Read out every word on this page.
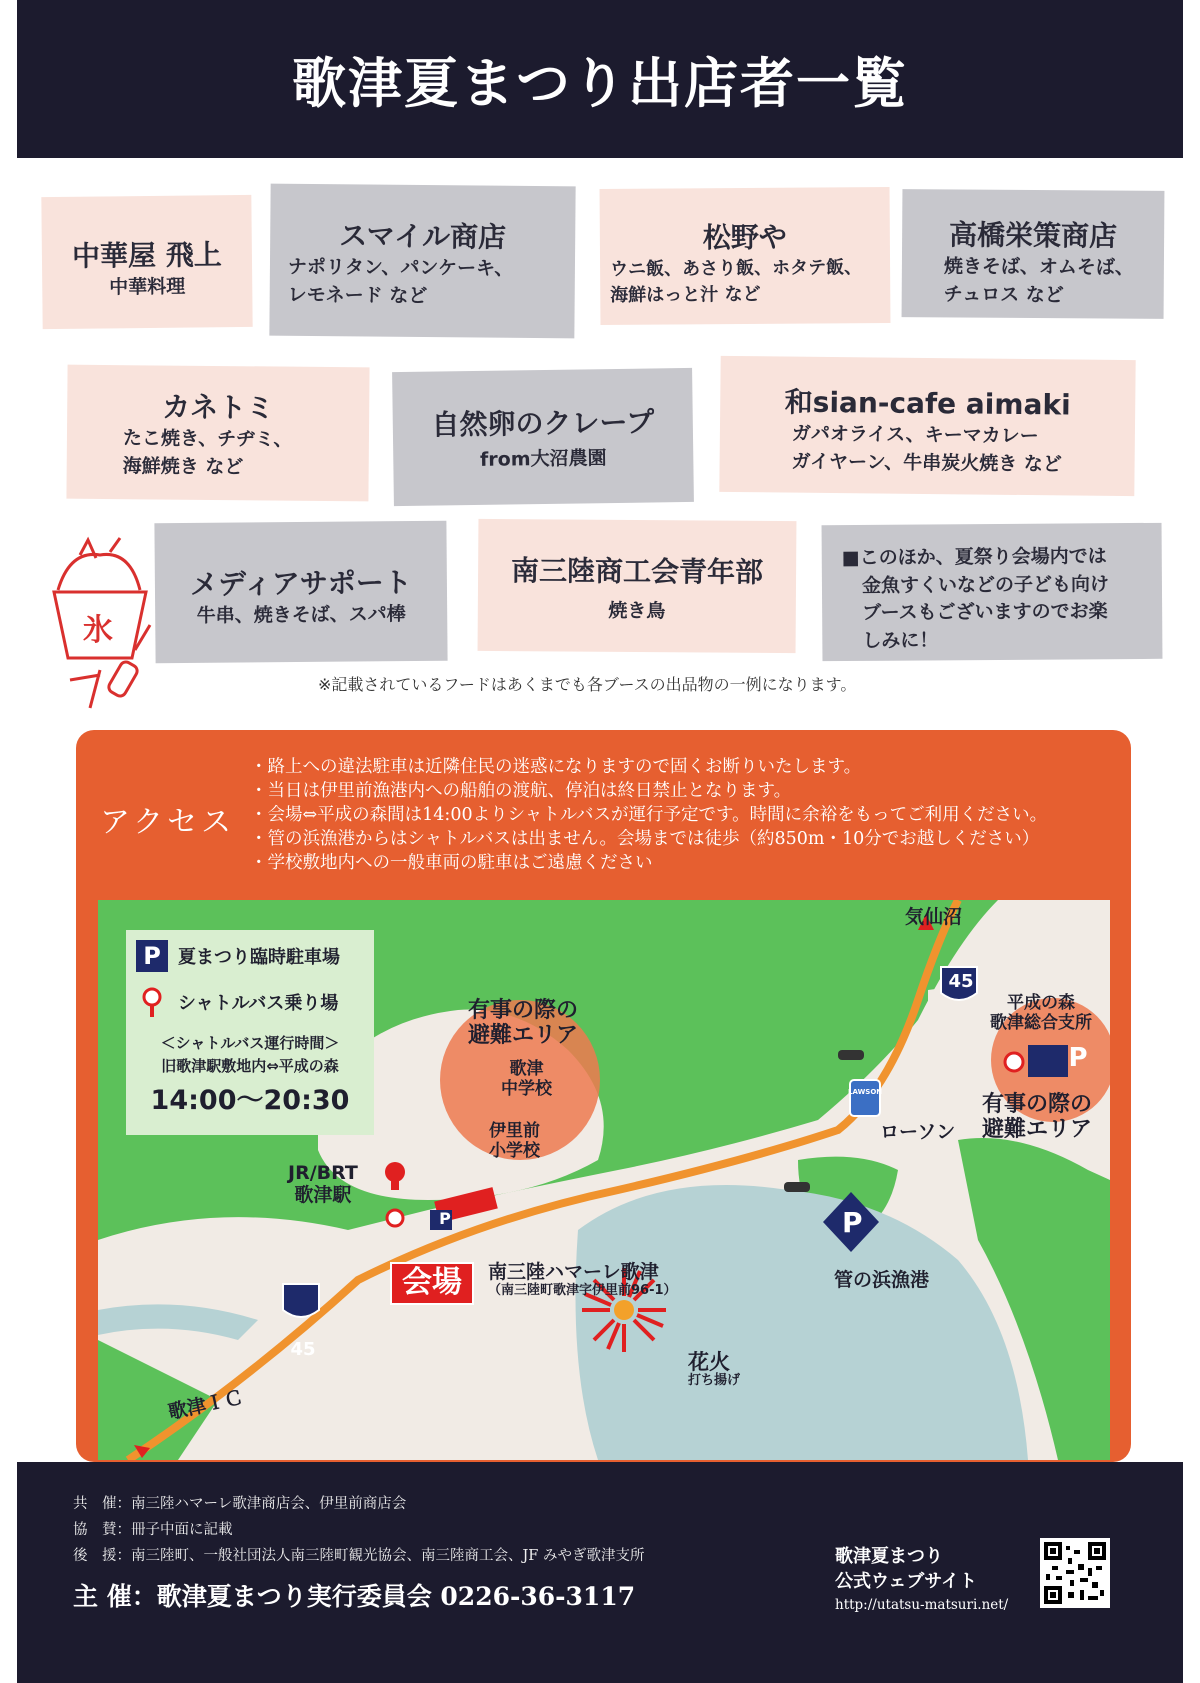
歌津夏まつり出店者一覧
中華屋 飛上
中華料理
スマイル商店
ナポリタン、パンケーキ、
レモネード など
松野や
ウニ飯、あさり飯、ホタテ飯、
海鮮はっと汁 など
高橋栄策商店
焼きそば、オムそば、
チュロス など
カネトミ
たこ焼き、チヂミ、
海鮮焼き など
自然卵のクレープ
from大沼農園
和sian-cafe aimaki
ガパオライス、キーマカレー
ガイヤーン、牛串炭火焼き など
メディアサポート
牛串、焼きそば、スパ棒
南三陸商工会青年部
焼き鳥
■このほか、夏祭り会場内では
金魚すくいなどの子ども向け
ブースもございますのでお楽
しみに！
氷
※記載されているフードはあくまでも各ブースの出品物の一例になります。
アクセス
・路上への違法駐車は近隣住民の迷惑になりますので固くお断りいたします。
・当日は伊里前漁港内への船舶の渡航、停泊は終日禁止となります。
・会場⇔平成の森間は14:00よりシャトルバスが運行予定です。時間に余裕をもってご利用ください。
・管の浜漁港からはシャトルバスは出ません。会場までは徒歩（約850m・10分でお越しください）
・学校敷地内への一般車両の駐車はご遠慮ください
気仙沼
45
45
平成の森
歌津総合支所
P
有事の際の
避難エリア
有事の際の
避難エリア
歌津
中学校
伊里前
小学校
LAWSON
ローソン
JR/BRT
歌津駅
P
会場	南三陸ハマーレ歌津
（南三陸町歌津字伊里前96-1）
P
管の浜漁港
花火
打ち揚げ
歌津ＩＣ
P 夏まつり臨時駐車場
シャトルバス乗り場
＜シャトルバス運行時間＞
旧歌津駅敷地内⇔平成の森
14:00〜20:30
共　催：南三陸ハマーレ歌津商店会、伊里前商店会
協　賛：冊子中面に記載
後　援：南三陸町、一般社団法人南三陸町観光協会、南三陸商工会、JF みやぎ歌津支所
主 催：歌津夏まつり実行委員会 0226-36-3117
歌津夏まつり
公式ウェブサイト
http://utatsu-matsuri.net/
